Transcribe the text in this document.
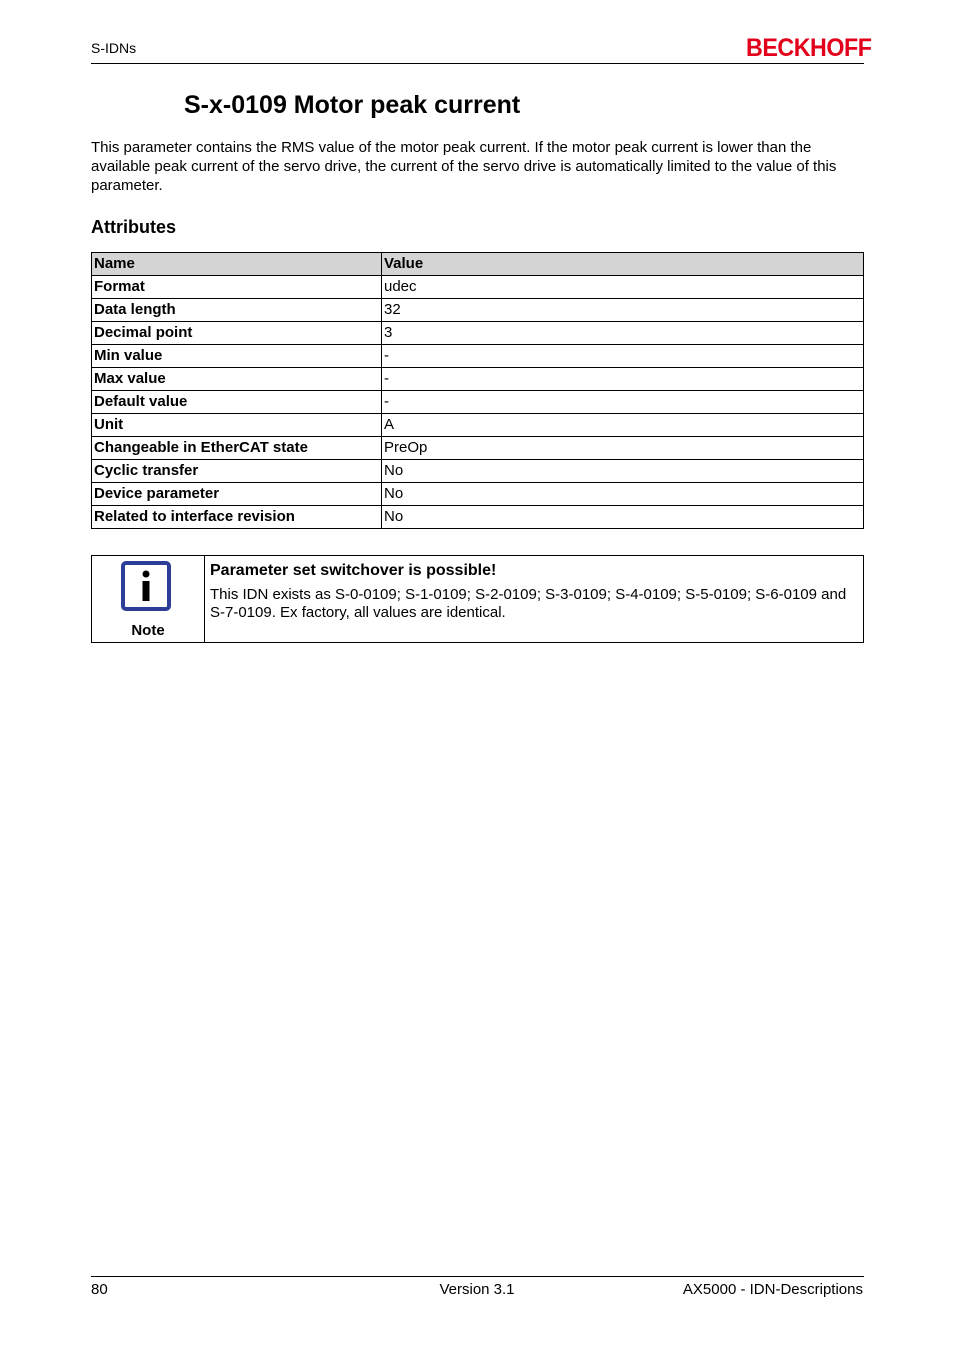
S-IDNs	BECKHOFF
S-x-0109 Motor peak current

This parameter contains the RMS value of the motor peak current. If the motor peak current is lower than the available peak current of the servo drive, the current of the servo drive is automatically limited to the value of this parameter.

Attributes
Name	Value
Format	udec
Data length	32
Decimal point	3
Min value	-
Max value	-
Default value	-
Unit	A
Changeable in EtherCAT state	PreOp
Cyclic transfer	No
Device parameter	No
Related to interface revision	No
Note

Parameter set switchover is possible!

This IDN exists as S-0-0109; S-1-0109; S-2-0109; S-3-0109; S-4-0109; S-5-0109; S-6-0109 and S-7-0109. Ex factory, all values are identical.

80	Version 3.1	AX5000 - IDN-Descriptions
